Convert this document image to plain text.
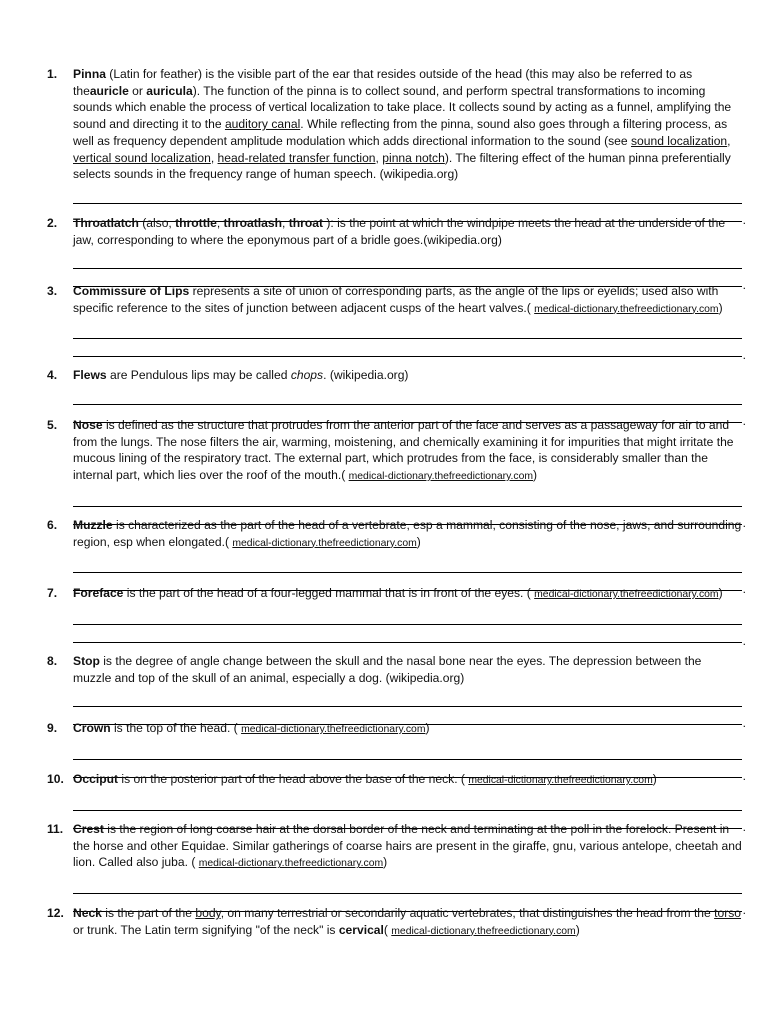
1. Pinna (Latin for feather) is the visible part of the ear that resides outside of the head (this may also be referred to as theauricle or auricula). The function of the pinna is to collect sound, and perform spectral transformations to incoming sounds which enable the process of vertical localization to take place. It collects sound by acting as a funnel, amplifying the sound and directing it to the auditory canal. While reflecting from the pinna, sound also goes through a filtering process, as well as frequency dependent amplitude modulation which adds directional information to the sound (see sound localization, vertical sound localization, head-related transfer function, pinna notch). The filtering effect of the human pinna preferentially selects sounds in the frequency range of human speech. (wikipedia.org)
.
2. Throatlatch (also, throttle, throatlash, throat ): is the point at which the windpipe meets the head at the underside of the jaw, corresponding to where the eponymous part of a bridle goes.(wikipedia.org)
.
3. Commissure of Lips represents a site of union of corresponding parts, as the angle of the lips or eyelids; used also with specific reference to the sites of junction between adjacent cusps of the heart valves.( medical-dictionary.thefreedictionary.com)
.
4. Flews are Pendulous lips may be called chops. (wikipedia.org)
.
5. Nose is defined as the structure that protrudes from the anterior part of the face and serves as a passageway for air to and from the lungs. The nose filters the air, warming, moistening, and chemically examining it for impurities that might irritate the mucous lining of the respiratory tract. The external part, which protrudes from the face, is considerably smaller than the internal part, which lies over the roof of the mouth.( medical-dictionary.thefreedictionary.com)
.
6. Muzzle is characterized as the part of the head of a vertebrate, esp a mammal, consisting of the nose, jaws, and surrounding region, esp when elongated.( medical-dictionary.thefreedictionary.com)
.
7. Foreface is the part of the head of a four-legged mammal that is in front of the eyes. ( medical-dictionary.thefreedictionary.com)
.
8. Stop is the degree of angle change between the skull and the nasal bone near the eyes. The depression between the muzzle and top of the skull of an animal, especially a dog. (wikipedia.org)
.
9. Crown is the top of the head. ( medical-dictionary.thefreedictionary.com)
.
10. Occiput is on the posterior part of the head above the base of the neck. ( medical-dictionary.thefreedictionary.com)
.
11. Crest is the region of long coarse hair at the dorsal border of the neck and terminating at the poll in the forelock. Present in the horse and other Equidae. Similar gatherings of coarse hairs are present in the giraffe, gnu, various antelope, cheetah and lion. Called also juba. ( medical-dictionary.thefreedictionary.com)
.
12. Neck is the part of the body, on many terrestrial or secondarily aquatic vertebrates, that distinguishes the head from the torso or trunk. The Latin term signifying "of the neck" is cervical( medical-dictionary.thefreedictionary.com)
